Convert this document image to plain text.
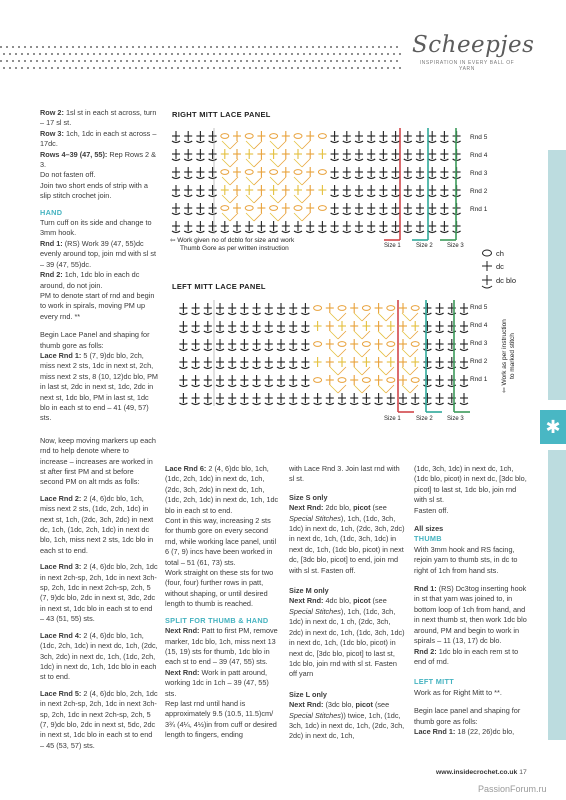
Scheepjes
INSPIRATION IN EVERY BALL OF YARN
✱

Row 2: 1sl st in each st across, turn – 17 sl st.

Row 3: 1ch, 1dc in each st across – 17dc.

Rows 4–39 (47, 55): Rep Rows 2 & 3.

Do not fasten off.

Join two short ends of strip with a slip stitch crochet join.

HAND

Turn cuff on its side and change to 3mm hook.

Rnd 1: (RS) Work 39 (47, 55)dc evenly around top, join rnd with sl st – 39 (47, 55)dc.

Rnd 2: 1ch, 1dc blo in each dc around, do not join.

PM to denote start of rnd and begin to work in spirals, moving PM up every rnd. **

Begin Lace Panel and shaping for thumb gore as folls:

Lace Rnd 1: 5 (7, 9)dc blo, 2ch, miss next 2 sts, 1dc in next st, 2ch, miss next 2 sts, 8 (10, 12)dc blo, PM in last st, 2dc in next st, 1dc, 2dc in next st, 1dc blo, PM in last st, 1dc blo in each st to end – 41 (49, 57) sts.

Now, keep moving markers up each rnd to help denote where to increase – increases are worked in st after first PM and st before second PM on alt rnds as folls:

Lace Rnd 2: 2 (4, 6)dc blo, 1ch, miss next 2 sts, (1dc, 2ch, 1dc) in next st, 1ch, (2dc, 3ch, 2dc) in next dc, 1ch, (1dc, 2ch, 1dc) in next dc blo, 1ch, miss next 2 sts, 1dc blo in each st to end.

Lace Rnd 3: 2 (4, 6)dc blo, 2ch, 1dc in next 2ch-sp, 2ch, 1dc in next 3ch-sp, 2ch, 1dc in next 2ch-sp, 2ch, 5 (7, 9)dc blo, 2dc in next st, 3dc, 2dc in next st, 1dc blo in each st to end – 43 (51, 55) sts.

Lace Rnd 4: 2 (4, 6)dc blo, 1ch, (1dc, 2ch, 1dc) in next dc, 1ch, (2dc, 3ch, 2dc) in next dc, 1ch, (1dc, 2ch, 1dc) in next dc, 1ch, 1dc blo in each st to end.

Lace Rnd 5: 2 (4, 6)dc blo, 2ch, 1dc in next 2ch-sp, 2ch, 1dc in next 3ch-sp, 2ch, 1dc in next 2ch-sp, 2ch, 5 (7, 9)dc blo, 2dc in next st, 5dc, 2dc in next st, 1dc blo in each st to end – 45 (53, 57) sts.

RIGHT MITT LACE PANEL
Rnd 5
Rnd 4
Rnd 3
Rnd 2
Rnd 1
Size 1	Size 2 Size 3
⇦ Work given no of dcblo for size and work
Thumb Gore as per written instruction
ch
dc
dc blo
LEFT MITT LACE PANEL
Rnd 5
Rnd 4
Rnd 3
Rnd 2
Rnd 1
Size 1	Size 2 Size 3
⇦ Work as per instruction
to marked stitch

Lace Rnd 6: 2 (4, 6)dc blo, 1ch, (1dc, 2ch, 1dc) in next dc, 1ch, (2dc, 3ch, 2dc) in next dc, 1ch, (1dc, 2ch, 1dc) in next dc, 1ch, 1dc blo in each st to end.

Cont in this way, increasing 2 sts for thumb gore on every second rnd, while working lace panel, until 6 (7, 9) incs have been worked in total – 51 (61, 73) sts.

Work straight on these sts for two (four, four) further rows in patt, without shaping, or until desired length to thumb is reached.

SPLIT FOR THUMB & HAND

Next Rnd: Patt to first PM, remove marker, 1dc blo, 1ch, miss next 13 (15, 19) sts for thumb, 1dc blo in each st to end – 39 (47, 55) sts.

Next Rnd: Work in patt around, working 1dc in 1ch – 39 (47, 55) sts.

Rep last rnd until hand is approximately 9.5 (10.5, 11.5)cm/ 3¾ (4¼, 4½)in from cuff or desired length to fingers, ending

with Lace Rnd 3. Join last rnd with sl st.

Size S only

Next Rnd: 2dc blo, picot (see Special Stitches), 1ch, (1dc, 3ch, 1dc) in next dc, 1ch, (2dc, 3ch, 2dc) in next dc, 1ch, (1dc, 3ch, 1dc) in next dc, 1ch, (1dc blo, picot) in next dc, [3dc blo, picot] to end, join rnd with sl st. Fasten off.

Size M only

Next Rnd: 4dc blo, picot (see Special Stitches), 1ch, (1dc, 3ch, 1dc) in next dc, 1 ch, (2dc, 3ch, 2dc) in next dc, 1ch, (1dc, 3ch, 1dc) in next dc, 1ch, (1dc blo, picot) in next dc, [3dc blo, picot] to last st, 1dc blo, join rnd with sl st. Fasten off yarn

Size L only

Next Rnd: (3dc blo, picot (see Special Stitches)) twice, 1ch, (1dc, 3ch, 1dc) in next dc, 1ch, (2dc, 3ch, 2dc) in next dc, 1ch,

(1dc, 3ch, 1dc) in next dc, 1ch, (1dc blo, picot) in next dc, [3dc blo, picot] to last st, 1dc blo, join rnd with sl st.

Fasten off.

All sizes

THUMB

With 3mm hook and RS facing, rejoin yarn to thumb sts, in dc to right of 1ch from hand sts.

Rnd 1: (RS) Dc3tog inserting hook in st that yarn was joined to, in bottom loop of 1ch from hand, and in next thumb st, then work 1dc blo around, PM and begin to work in spirals – 11 (13, 17) dc blo.

Rnd 2: 1dc blo in each rem st to end of rnd.

LEFT MITT

Work as for Right Mitt to **.

Begin lace panel and shaping for thumb gore as folls:

Lace Rnd 1: 18 (22, 26)dc blo,

www.insidecrochet.co.uk 17
PassionForum.ru
